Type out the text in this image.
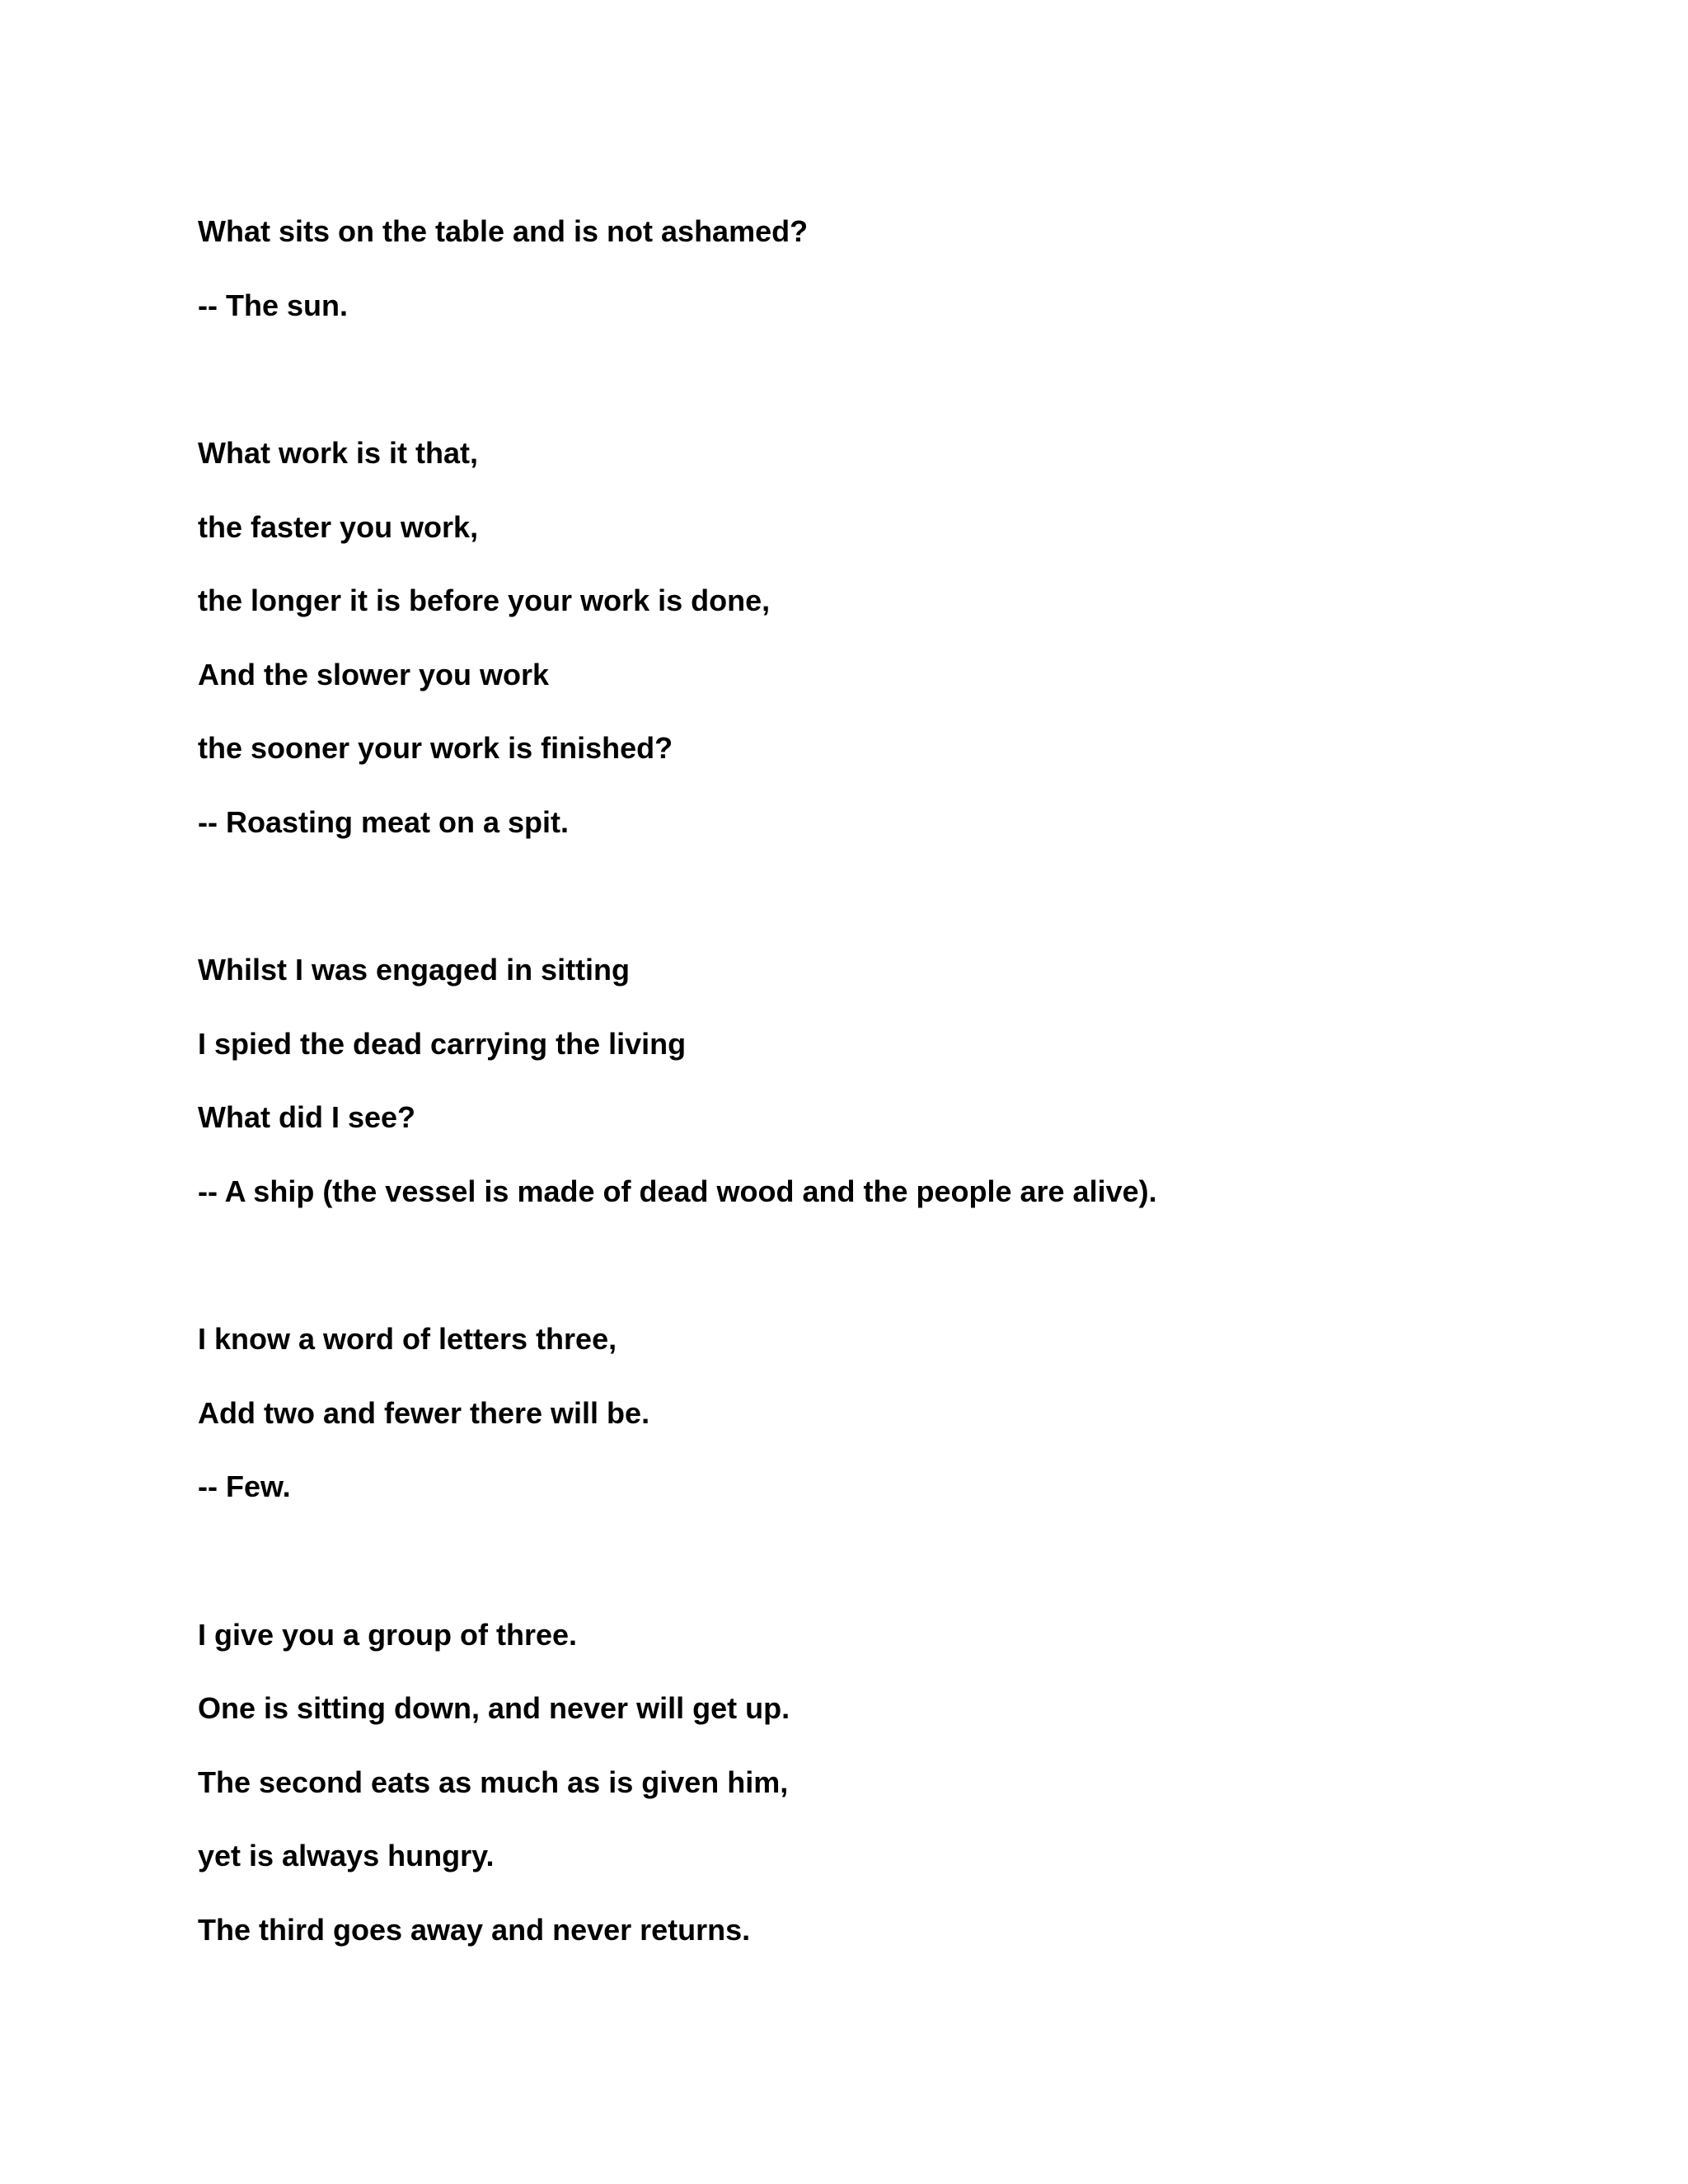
What sits on the table and is not ashamed?

-- The sun.

What work is it that,

the faster you work,

the longer it is before your work is done,

And the slower you work

the sooner your work is finished?

-- Roasting meat on a spit.

Whilst I was engaged in sitting

I spied the dead carrying the living

What did I see?

-- A ship (the vessel is made of dead wood and the people are alive).

I know a word of letters three,

Add two and fewer there will be.

-- Few.

I give you a group of three.

One is sitting down, and never will get up.

The second eats as much as is given him,

yet is always hungry.

The third goes away and never returns.
